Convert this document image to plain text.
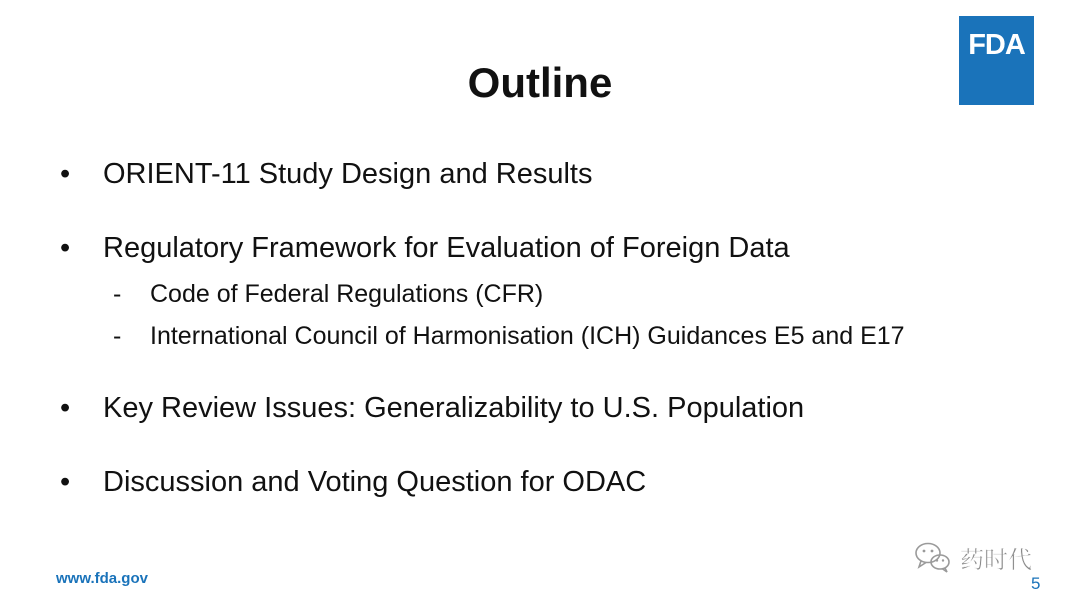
Outline
FDA
• ORIENT-11 Study Design and Results
• Regulatory Framework for Evaluation of Foreign Data
- Code of Federal Regulations (CFR)
- International Council of Harmonisation (ICH) Guidances E5 and E17
• Key Review Issues: Generalizability to U.S. Population
• Discussion and Voting Question for ODAC
www.fda.gov	5
药时代
